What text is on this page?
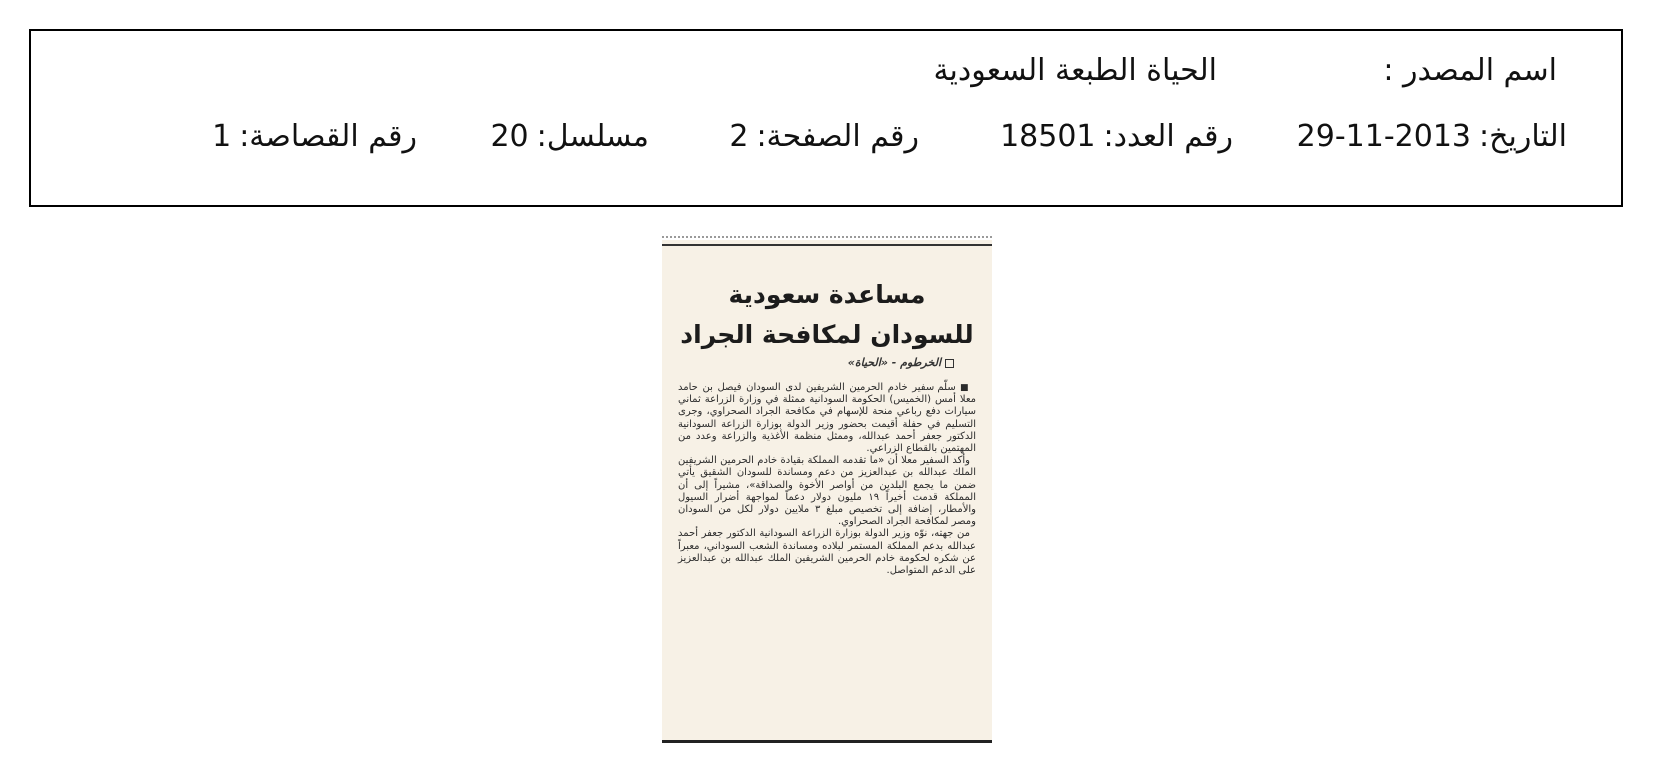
اسم المصدر :
الحياة الطبعة السعودية
التاريخ:2013-11-29
رقم العدد:18501
رقم الصفحة:2
مسلسل:20
رقم القصاصة:1
مساعدة سعودية
للسودان لمكافحة الجراد
الخرطوم - «الحياة»

■ سلّم سفير خادم الحرمين الشريفين لدى السودان فيصل بن حامد معلا أمس (الخميس) الحكومة السودانية ممثلة في وزارة الزراعة ثماني سيارات دفع رباعي منحة للإسهام في مكافحة الجراد الصحراوي، وجرى التسليم في حفلة أقيمت بحضور وزير الدولة بوزارة الزراعة السودانية الدكتور جعفر أحمد عبدالله، وممثل منظمة الأغذية والزراعة وعدد من المهتمين بالقطاع الزراعي.

وأكد السفير معلا أن «ما تقدمه المملكة بقيادة خادم الحرمين الشريفين الملك عبدالله بن عبدالعزيز من دعم ومساندة للسودان الشقيق يأتي ضمن ما يجمع البلدين من أواصر الأخوة والصداقة»، مشيراً إلى أن المملكة قدمت أخيراً ١٩ مليون دولار دعماً لمواجهة أضرار السيول والأمطار، إضافة إلى تخصيص مبلغ ٣ ملايين دولار لكل من السودان ومصر لمكافحة الجراد الصحراوي.

من جهته، نوّه وزير الدولة بوزارة الزراعة السودانية الدكتور جعفر أحمد عبدالله بدعم المملكة المستمر لبلاده ومساندة الشعب السوداني، معبراً عن شكره لحكومة خادم الحرمين الشريفين الملك عبدالله بن عبدالعزيز على الدعم المتواصل.
